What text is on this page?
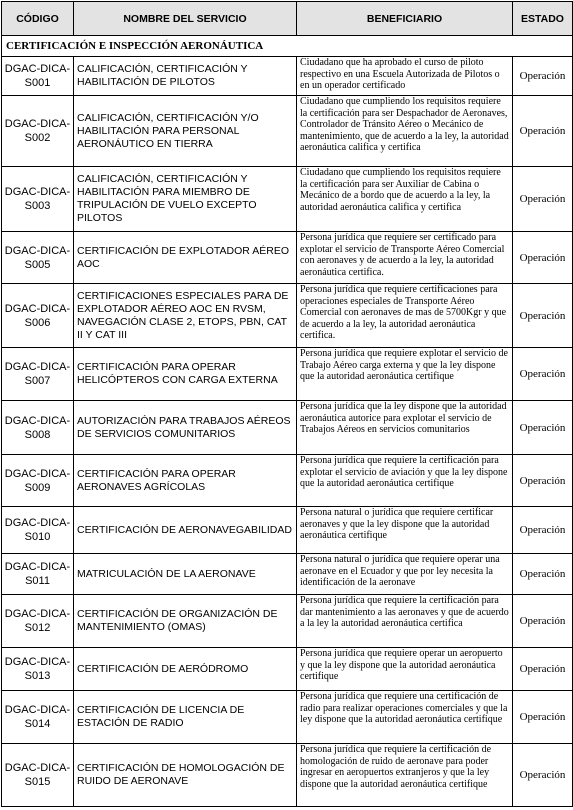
CÓDIGO	NOMBRE DEL SERVICIO	BENEFICIARIO	ESTADO
CERTIFICACIÓN E INSPECCIÓN AERONÁUTICA			
DGAC-DICA-S001	CALIFICACIÓN, CERTIFICACIÓN Y HABILITACIÓN DE PILOTOS	Ciudadano que ha aprobado el curso de piloto respectivo en una Escuela Autorizada de Pilotos o en un operador certificado	Operación
DGAC-DICA-S002	CALIFICACIÓN, CERTIFICACIÓN Y/O HABILITACIÓN PARA PERSONAL AERONÁUTICO EN TIERRA	Ciudadano que cumpliendo los requisitos requiere la certificación para ser Despachador de Aeronaves, Controlador de Tránsito Aéreo o Mecánico de mantenimiento, que de acuerdo a la ley, la autoridad aeronáutica califica y certifica	Operación
DGAC-DICA-S003	CALIFICACIÓN, CERTIFICACIÓN Y HABILITACIÓN PARA MIEMBRO DE TRIPULACIÓN DE VUELO EXCEPTO PILOTOS	Ciudadano que cumpliendo los requisitos requiere la certificación para ser Auxiliar de Cabina o Mecánico de a bordo que de acuerdo a la ley, la autoridad aeronáutica califica y certifica	Operación
DGAC-DICA-S005	CERTIFICACIÓN DE EXPLOTADOR AÉREO AOC	Persona jurídica que requiere ser certificado para explotar el servicio de Transporte Aéreo Comercial con aeronaves y de acuerdo a la ley, la autoridad aeronáutica certifica.	Operación
DGAC-DICA-S006	CERTIFICACIONES ESPECIALES PARA DE EXPLOTADOR AÉREO AOC EN RVSM, NAVEGACIÓN CLASE 2, ETOPS, PBN, CAT II Y CAT III	Persona jurídica que requiere certificaciones para operaciones especiales de Transporte Aéreo Comercial con aeronaves de mas de 5700Kgr y que de acuerdo a la ley, la autoridad aeronáutica certifica.	Operación
DGAC-DICA-S007	CERTIFICACIÓN PARA OPERAR HELICÓPTEROS CON CARGA EXTERNA	Persona jurídica que requiere explotar el servicio de Trabajo Aéreo carga externa y que la ley dispone que la autoridad aeronáutica certifique	Operación
DGAC-DICA-S008	AUTORIZACIÓN PARA TRABAJOS AÉREOS DE SERVICIOS COMUNITARIOS	Persona jurídica que la ley dispone que la autoridad aeronáutica autorice para explotar el servicio de Trabajos Aéreos en servicios comunitarios	Operación
DGAC-DICA-S009	CERTIFICACIÓN PARA OPERAR AERONAVES AGRÍCOLAS	Persona jurídica que requiere la certificación para explotar el servicio de aviación y que la ley dispone que la autoridad aeronáutica certifique	Operación
DGAC-DICA-S010	CERTIFICACIÓN DE AERONAVEGABILIDAD	Persona natural o jurídica que requiere certificar aeronaves y que la ley dispone que la autoridad aeronáutica certifique	Operación
DGAC-DICA-S011	MATRICULACIÓN DE LA AERONAVE	Persona natural o jurídica que requiere operar una aeronave en el Ecuador y que por ley necesita la identificación de la aeronave	Operación
DGAC-DICA-S012	CERTIFICACIÓN DE ORGANIZACIÓN DE MANTENIMIENTO (OMAS)	Persona jurídica que requiere la certificación para dar mantenimiento a las aeronaves y que de acuerdo a la ley la autoridad aeronáutica certifica	Operación
DGAC-DICA-S013	CERTIFICACIÓN DE AERÓDROMO	Persona jurídica que requiere operar un aeropuerto y que la ley dispone que la autoridad aeronáutica certifique	Operación
DGAC-DICA-S014	CERTIFICACIÓN DE LICENCIA DE ESTACIÓN DE RADIO	Persona jurídica que requiere una certificación de radio para realizar operaciones comerciales y que la ley dispone que la autoridad aeronáutica certifique	Operación
DGAC-DICA-S015	CERTIFICACIÓN DE HOMOLOGACIÓN DE RUIDO DE AERONAVE	Persona jurídica que requiere la certificación de homologación de ruido de aeronave para poder ingresar en aeropuertos extranjeros y que la ley dispone que la autoridad aeronáutica certifique	Operación
